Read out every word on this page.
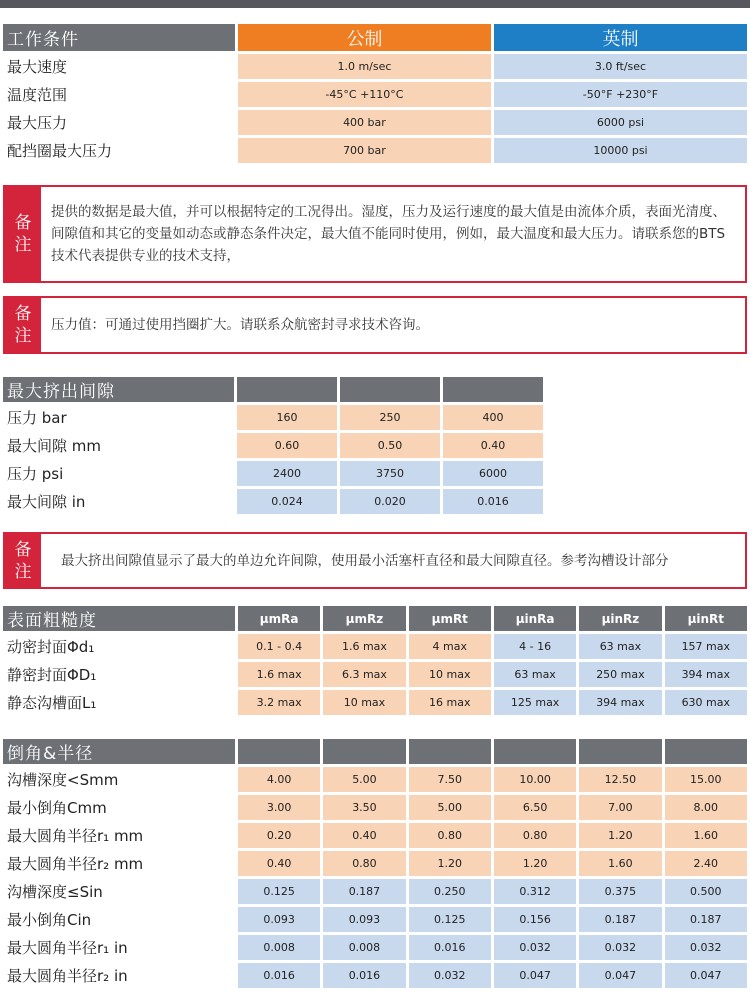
工作条件	公制	英制
最大速度	1.0 m/sec	3.0 ft/sec
温度范围	-45°C +110°C	-50°F +230°F
最大压力	400 bar	6000 psi
配挡圈最大压力	700 bar	10000 psi
备
注
提供的数据是最大值，并可以根据特定的工况得出。湿度，压力及运行速度的最大值是由流体介质，表面光清度、间隙值和其它的变量如动态或静态条件决定，最大值不能同时使用，例如，最大温度和最大压力。请联系您的BTS技术代表提供专业的技术支持，
备
注
压力值：可通过使用挡圈扩大。请联系众航密封寻求技术咨询。
最大挤出间隙			
压力 bar	160	250	400
最大间隙 mm	0.60	0.50	0.40
压力 psi	2400	3750	6000
最大间隙 in	0.024	0.020	0.016
备
注
最大挤出间隙值显示了最大的单边允许间隙，使用最小活塞杆直径和最大间隙直径。参考沟槽设计部分
表面粗糙度	μmRa	μmRz	μmRt	μinRa	μinRz	μinRt
动密封面Φd₁	0.1 - 0.4	1.6 max	4 max	4 - 16	63 max	157 max
静密封面ΦD₁	1.6 max	6.3 max	10 max	63 max	250 max	394 max
静态沟槽面L₁	3.2 max	10 max	16 max	125 max	394 max	630 max
倒角&半径						
沟槽深度<Smm	4.00	5.00	7.50	10.00	12.50	15.00
最小倒角Cmm	3.00	3.50	5.00	6.50	7.00	8.00
最大圆角半径r₁ mm	0.20	0.40	0.80	0.80	1.20	1.60
最大圆角半径r₂ mm	0.40	0.80	1.20	1.20	1.60	2.40
沟槽深度≤Sin	0.125	0.187	0.250	0.312	0.375	0.500
最小倒角Cin	0.093	0.093	0.125	0.156	0.187	0.187
最大圆角半径r₁ in	0.008	0.008	0.016	0.032	0.032	0.032
最大圆角半径r₂ in	0.016	0.016	0.032	0.047	0.047	0.047
